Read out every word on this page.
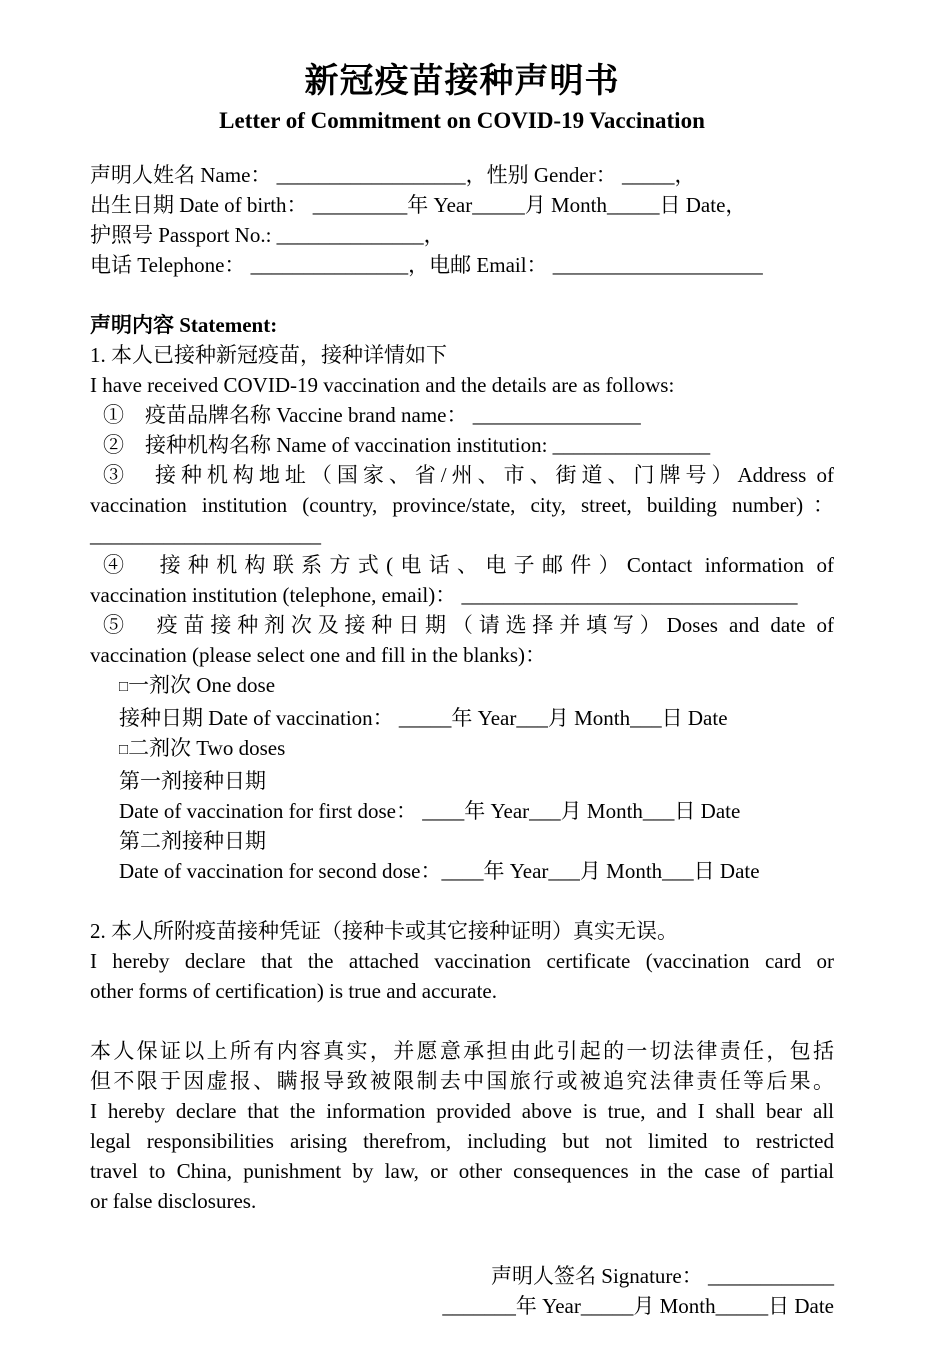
新冠疫苗接种声明书
Letter of Commitment on COVID-19 Vaccination

声明人姓名 Name： __________________，性别 Gender： _____，

出生日期 Date of birth： _________年 Year_____月 Month_____日 Date，

护照号 Passport No.: ______________，

电话 Telephone： _______________，电邮 Email： ____________________

声明内容 Statement:

1. 本人已接种新冠疫苗，接种详情如下

I have received COVID-19 vaccination and the details are as follows:

①　疫苗品牌名称 Vaccine brand name： ________________

②　接种机构名称 Name of vaccination institution: _______________

③　接种机构地址（国家、省/州、市、街道、门牌号）Address of

vaccination institution (country, province/state, city, street, building number)：

______________________

④　接种机构联系方式(电话、电子邮件）Contact information of

vaccination institution (telephone, email)： ________________________________

⑤　疫苗接种剂次及接种日期（请选择并填写）Doses and date of

vaccination (please select one and fill in the blanks)：

□一剂次 One dose

接种日期 Date of vaccination： _____年 Year___月 Month___日 Date

□二剂次 Two doses

第一剂接种日期

Date of vaccination for first dose： ____年 Year___月 Month___日 Date

第二剂接种日期

Date of vaccination for second dose：____年 Year___月 Month___日 Date

2. 本人所附疫苗接种凭证（接种卡或其它接种证明）真实无误。

I hereby declare that the attached vaccination certificate (vaccination card or

other forms of certification) is true and accurate.

本人保证以上所有内容真实，并愿意承担由此引起的一切法律责任，包括

但不限于因虚报、瞒报导致被限制去中国旅行或被追究法律责任等后果。

I hereby declare that the information provided above is true, and I shall bear all

legal responsibilities arising therefrom, including but not limited to restricted

travel to China, punishment by law, or other consequences in the case of partial

or false disclosures.

声明人签名 Signature： ____________

_______年 Year_____月 Month_____日 Date
